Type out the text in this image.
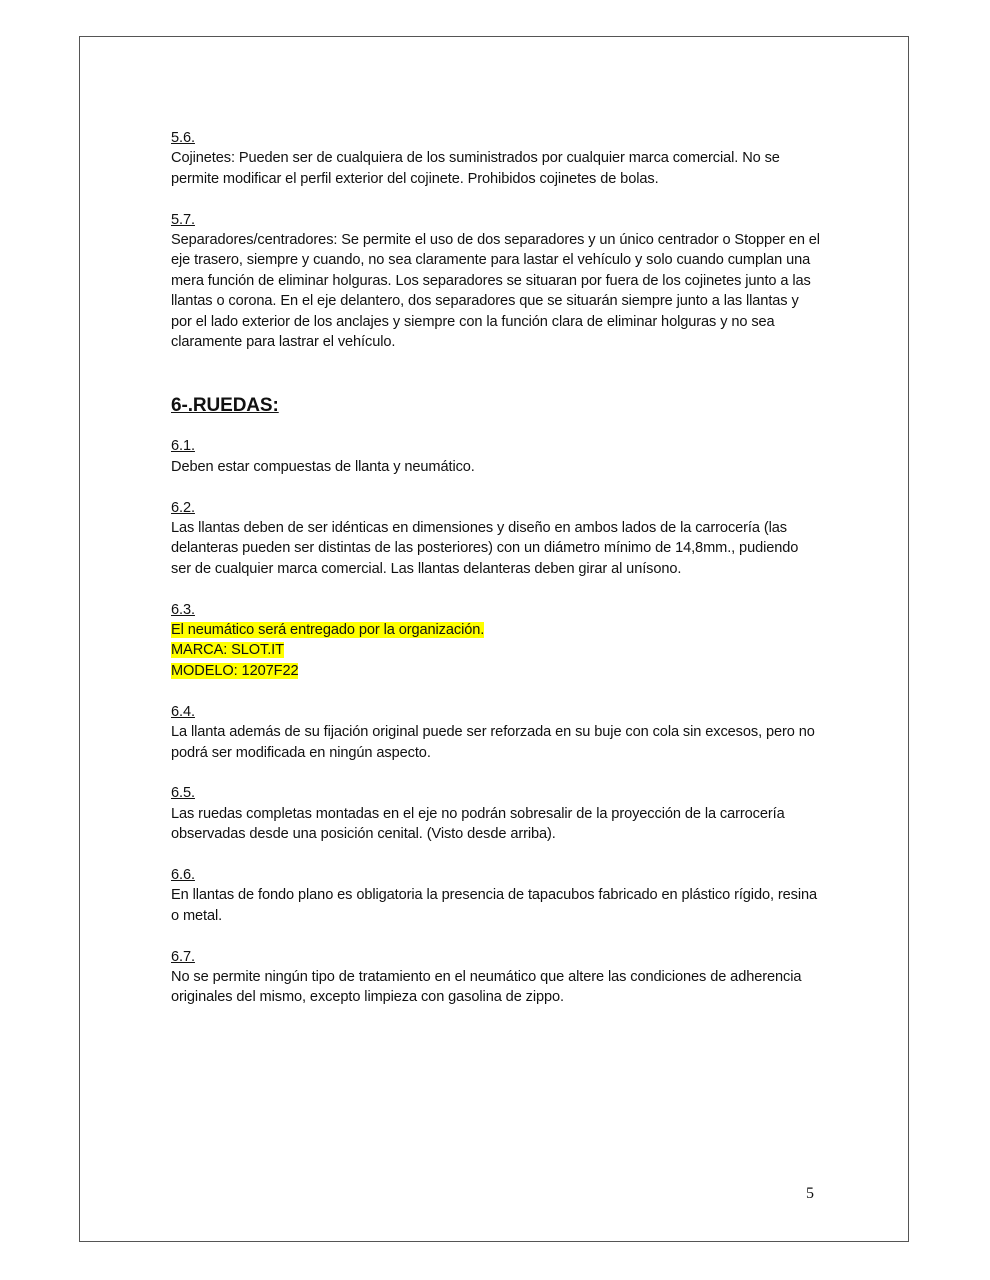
5.6.
Cojinetes: Pueden ser de cualquiera de los suministrados por cualquier marca comercial. No se permite modificar el perfil exterior del cojinete. Prohibidos cojinetes de bolas.
5.7.
Separadores/centradores: Se permite el uso de dos separadores y un único centrador o Stopper en el eje trasero, siempre y cuando, no sea claramente para lastar el vehículo y solo cuando cumplan una mera función de eliminar holguras. Los separadores se situaran por fuera de los cojinetes junto a las llantas o corona. En el eje delantero, dos separadores que se situarán siempre junto a las llantas y por el lado exterior de los anclajes y siempre con la función clara de eliminar holguras y no sea claramente para lastrar el vehículo.
6-.RUEDAS:
6.1.
Deben estar compuestas de llanta y neumático.
6.2.
Las llantas deben de ser idénticas en dimensiones y diseño en ambos lados de la carrocería (las delanteras pueden ser distintas de las posteriores) con un diámetro mínimo de 14,8mm., pudiendo ser de cualquier marca comercial. Las llantas delanteras deben girar al unísono.
6.3.
El neumático será entregado por la organización.
MARCA: SLOT.IT
MODELO: 1207F22
6.4.
La llanta además de su fijación original puede ser reforzada en su buje con cola sin excesos, pero no podrá ser modificada en ningún aspecto.
6.5.
Las ruedas completas montadas en el eje no podrán sobresalir de la proyección de la carrocería observadas desde una posición cenital. (Visto desde arriba).
6.6.
En llantas de fondo plano es obligatoria la presencia de tapacubos fabricado en plástico rígido, resina o metal.
6.7.
No se permite ningún tipo de tratamiento en el neumático que altere las condiciones de adherencia originales del mismo, excepto limpieza con gasolina de zippo.
5
